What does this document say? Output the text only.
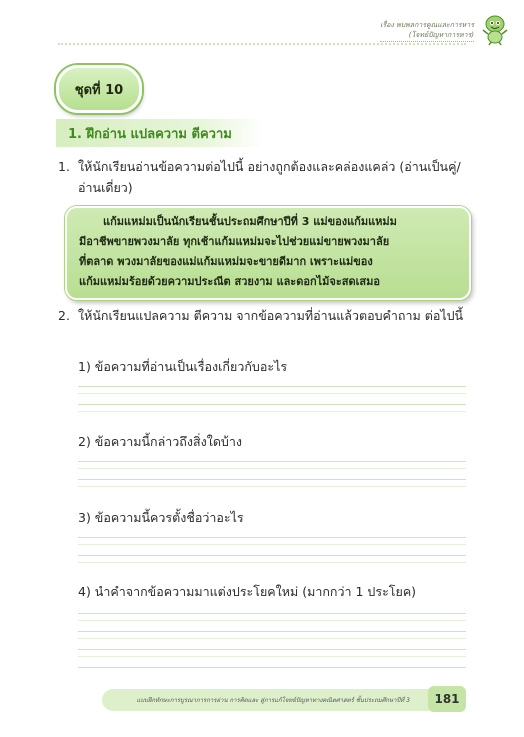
เรื่อง พบพลการคูณและการหาร
(โจทย์ปัญหาการหาร)
ชุดที่ 10
1. ฝึกอ่าน แปลความ ตีความ
1. ให้นักเรียนอ่านข้อความต่อไปนี้ อย่างถูกต้องและคล่องแคล่ว (อ่านเป็นคู่/อ่านเดี่ยว)

แก้มแหม่มเป็นนักเรียนชั้นประถมศึกษาปีที่ 3 แม่ของแก้มแหม่ม

มีอาชีพขายพวงมาลัย ทุกเช้าแก้มแหม่มจะไปช่วยแม่ขายพวงมาลัย

ที่ตลาด พวงมาลัยของแม่แก้มแหม่มจะขายดีมาก เพราะแม่ของ

แก้มแหม่มร้อยด้วยความประณีต สวยงาม และดอกไม้จะสดเสมอ

2. ให้นักเรียนแปลความ ตีความ จากข้อความที่อ่านแล้วตอบคำถาม ต่อไปนี้
1) ข้อความที่อ่านเป็นเรื่องเกี่ยวกับอะไร
2) ข้อความนี้กล่าวถึงสิ่งใดบ้าง
3) ข้อความนี้ควรตั้งชื่อว่าอะไร
4) นำคำจากข้อความมาแต่งประโยคใหม่ (มากกว่า 1 ประโยค)
แบบฝึกทักษะการบูรณาการการอ่าน การคิดและ สู่การแก้โจทย์ปัญหาทางคณิตศาสตร์ ชั้นประถมศึกษาปีที่ 3	181
